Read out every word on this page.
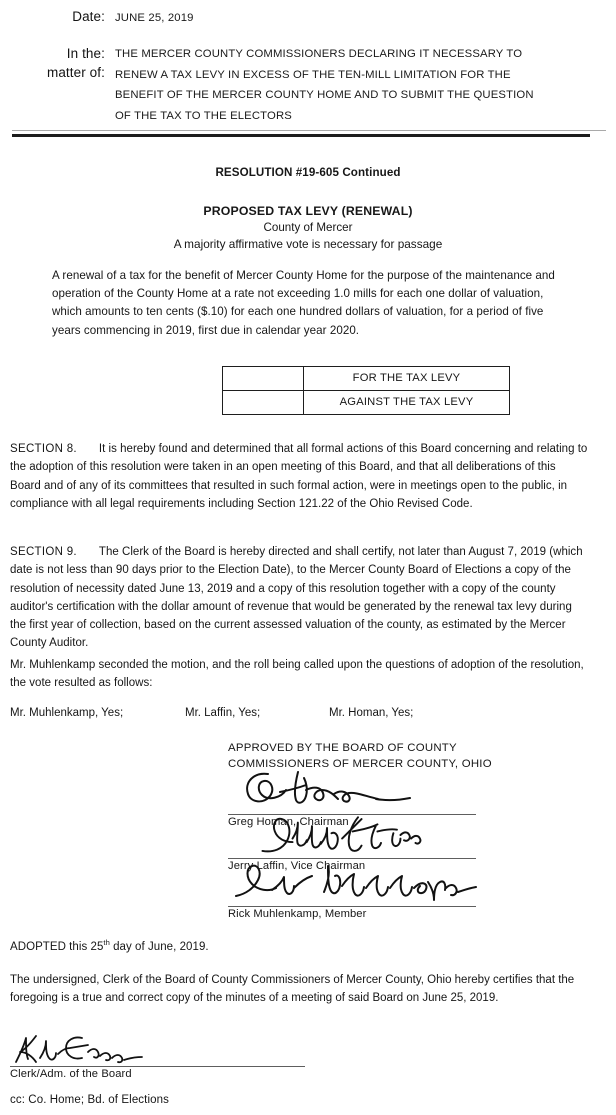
Date: JUNE 25, 2019
In the:
matter of:
THE MERCER COUNTY COMMISSIONERS DECLARING IT NECESSARY TO
RENEW A TAX LEVY IN EXCESS OF THE TEN-MILL LIMITATION FOR THE
BENEFIT OF THE MERCER COUNTY HOME AND TO SUBMIT THE QUESTION
OF THE TAX TO THE ELECTORS
RESOLUTION #19-605 Continued
PROPOSED TAX LEVY (RENEWAL)
County of Mercer
A majority affirmative vote is necessary for passage
A renewal of a tax for the benefit of Mercer County Home for the purpose of the maintenance and operation of the County Home at a rate not exceeding 1.0 mills for each one dollar of valuation, which amounts to ten cents ($.10) for each one hundred dollars of valuation, for a period of five years commencing in 2019, first due in calendar year 2020.
	FOR THE TAX LEVY
	AGAINST THE TAX LEVY
SECTION 8. It is hereby found and determined that all formal actions of this Board concerning and relating to the adoption of this resolution were taken in an open meeting of this Board, and that all deliberations of this Board and of any of its committees that resulted in such formal action, were in meetings open to the public, in compliance with all legal requirements including Section 121.22 of the Ohio Revised Code.
SECTION 9. The Clerk of the Board is hereby directed and shall certify, not later than August 7, 2019 (which date is not less than 90 days prior to the Election Date), to the Mercer County Board of Elections a copy of the resolution of necessity dated June 13, 2019 and a copy of this resolution together with a copy of the county auditor's certification with the dollar amount of revenue that would be generated by the renewal tax levy during the first year of collection, based on the current assessed valuation of the county, as estimated by the Mercer County Auditor.
Mr. Muhlenkamp seconded the motion, and the roll being called upon the questions of adoption of the resolution, the vote resulted as follows:
Mr. Muhlenkamp, Yes;	Mr. Laffin, Yes;	Mr. Homan, Yes;
APPROVED BY THE BOARD OF COUNTY
COMMISSIONERS OF MERCER COUNTY, OHIO
Greg Homan, Chairman
Jerry Laffin, Vice Chairman
Rick Muhlenkamp, Member
ADOPTED this 25th day of June, 2019.
The undersigned, Clerk of the Board of County Commissioners of Mercer County, Ohio hereby certifies that the foregoing is a true and correct copy of the minutes of a meeting of said Board on June 25, 2019.
Clerk/Adm. of the Board
cc: Co. Home; Bd. of Elections
